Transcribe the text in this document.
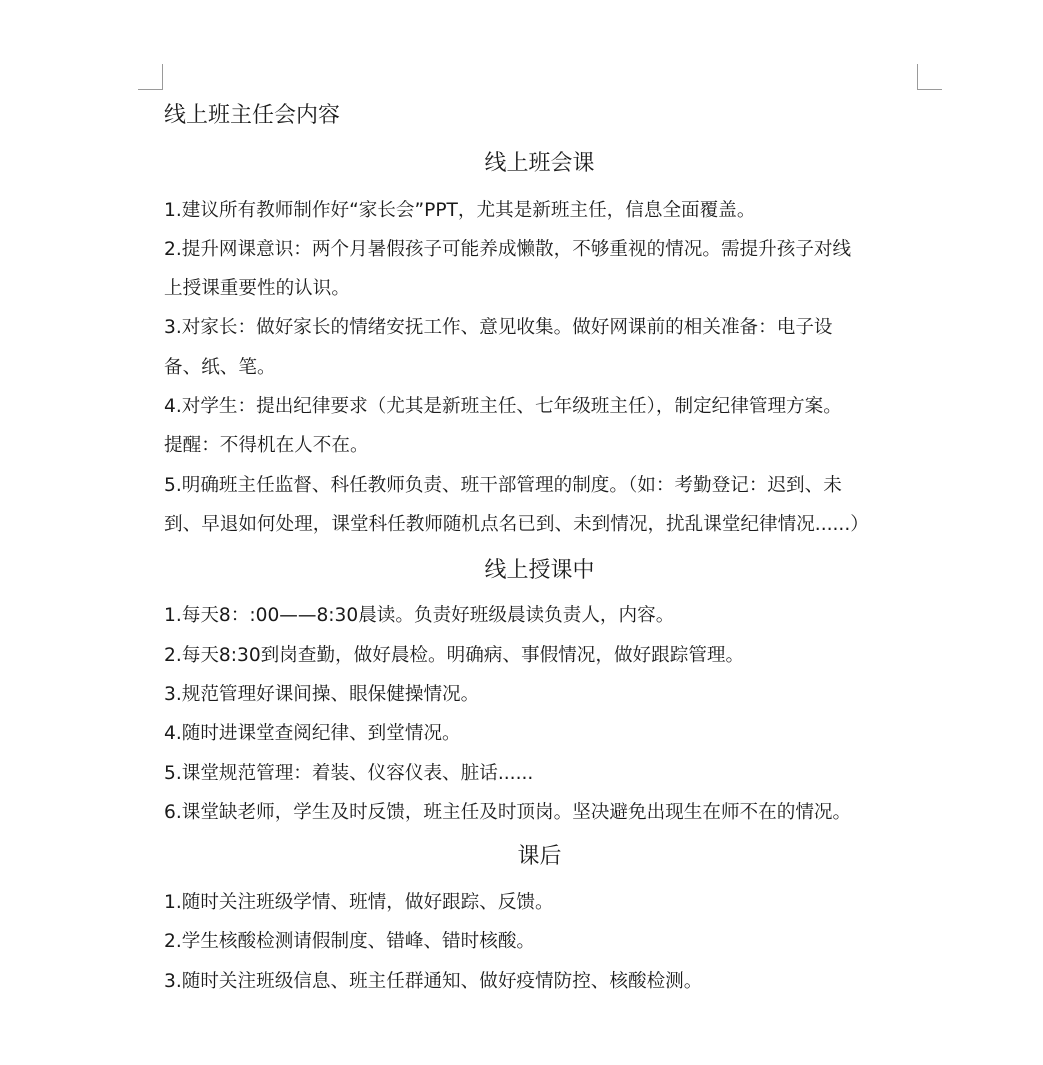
线上班主任会内容
线上班会课
1.建议所有教师制作好“家长会”PPT，尤其是新班主任，信息全面覆盖。
2.提升网课意识：两个月暑假孩子可能养成懒散，不够重视的情况。需提升孩子对线
上授课重要性的认识。
3.对家长：做好家长的情绪安抚工作、意见收集。做好网课前的相关准备：电子设
备、纸、笔。
4.对学生：提出纪律要求（尤其是新班主任、七年级班主任），制定纪律管理方案。
提醒：不得机在人不在。
5.明确班主任监督、科任教师负责、班干部管理的制度。（如：考勤登记：迟到、未
到、早退如何处理，课堂科任教师随机点名已到、未到情况，扰乱课堂纪律情况......）
线上授课中
1.每天8：:00——8:30晨读。负责好班级晨读负责人，内容。
2.每天8:30到岗查勤，做好晨检。明确病、事假情况，做好跟踪管理。
3.规范管理好课间操、眼保健操情况。
4.随时进课堂查阅纪律、到堂情况。
5.课堂规范管理：着装、仪容仪表、脏话......
6.课堂缺老师，学生及时反馈，班主任及时顶岗。坚决避免出现生在师不在的情况。
课后
1.随时关注班级学情、班情，做好跟踪、反馈。
2.学生核酸检测请假制度、错峰、错时核酸。
3.随时关注班级信息、班主任群通知、做好疫情防控、核酸检测。
